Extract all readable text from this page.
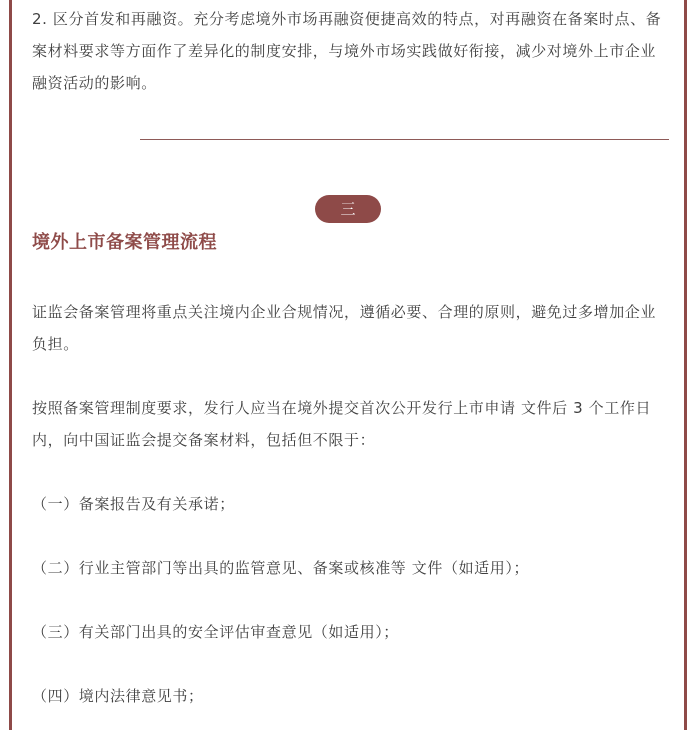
2. 区分首发和再融资。充分考虑境外市场再融资便捷高效的特点，对再融资在备案时点、备案材料要求等方面作了差异化的制度安排，与境外市场实践做好衔接，减少对境外上市企业融资活动的影响。

三
境外上市备案管理流程

证监会备案管理将重点关注境内企业合规情况，遵循必要、合理的原则，避免过多增加企业负担。

按照备案管理制度要求，发行人应当在境外提交首次公开发行上市申请 文件后 3 个工作日内，向中国证监会提交备案材料，包括但不限于：

（一）备案报告及有关承诺；

（二）行业主管部门等出具的监管意见、备案或核准等 文件（如适用）；

（三）有关部门出具的安全评估审查意见（如适用）；

（四）境内法律意见书；
